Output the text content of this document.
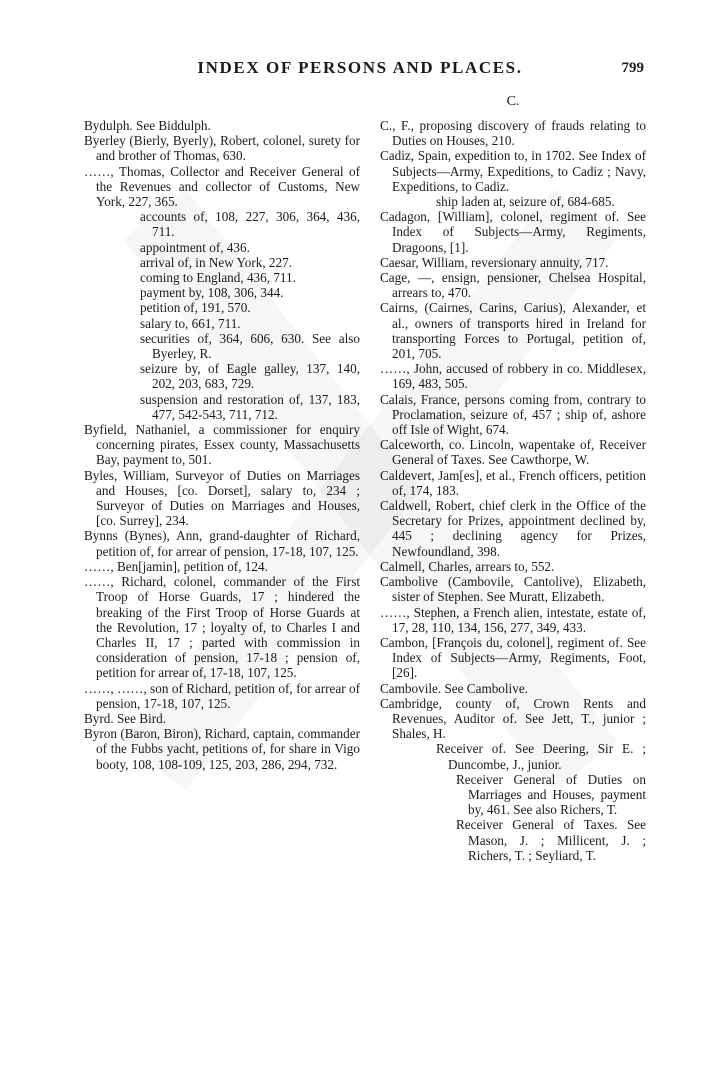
INDEX OF PERSONS AND PLACES.	799

Bydulph. See Biddulph.

Byerley (Bierly, Byerly), Robert, colonel, surety for and brother of Thomas, 630.

……, Thomas, Collector and Receiver General of the Revenues and collector of Customs, New York, 227, 365.

accounts of, 108, 227, 306, 364, 436, 711.

appointment of, 436.

arrival of, in New York, 227.

coming to England, 436, 711.

payment by, 108, 306, 344.

petition of, 191, 570.

salary to, 661, 711.

securities of, 364, 606, 630. See also Byerley, R.

seizure by, of Eagle galley, 137, 140, 202, 203, 683, 729.

suspension and restoration of, 137, 183, 477, 542-543, 711, 712.

Byfield, Nathaniel, a commissioner for enquiry concerning pirates, Essex county, Massachusetts Bay, payment to, 501.

Byles, William, Surveyor of Duties on Marriages and Houses, [co. Dorset], salary to, 234 ; Surveyor of Duties on Marriages and Houses, [co. Surrey], 234.

Bynns (Bynes), Ann, grand-daughter of Richard, petition of, for arrear of pension, 17-18, 107, 125.

……, Ben[jamin], petition of, 124.

……, Richard, colonel, commander of the First Troop of Horse Guards, 17 ; hindered the breaking of the First Troop of Horse Guards at the Revolution, 17 ; loyalty of, to Charles I and Charles II, 17 ; parted with commission in consideration of pension, 17-18 ; pension of, petition for arrear of, 17-18, 107, 125.

……, ……, son of Richard, petition of, for arrear of pension, 17-18, 107, 125.

Byrd. See Bird.

Byron (Baron, Biron), Richard, captain, commander of the Fubbs yacht, petitions of, for share in Vigo booty, 108, 108-109, 125, 203, 286, 294, 732.

C.

C., F., proposing discovery of frauds relating to Duties on Houses, 210.

Cadiz, Spain, expedition to, in 1702. See Index of Subjects—Army, Expeditions, to Cadiz ; Navy, Expeditions, to Cadiz.

ship laden at, seizure of, 684-685.

Cadagon, [William], colonel, regiment of. See Index of Subjects—Army, Regiments, Dragoons, [1].

Caesar, William, reversionary annuity, 717.

Cage, —, ensign, pensioner, Chelsea Hospital, arrears to, 470.

Cairns, (Cairnes, Carins, Carius), Alexander, et al., owners of transports hired in Ireland for transporting Forces to Portugal, petition of, 201, 705.

……, John, accused of robbery in co. Middlesex, 169, 483, 505.

Calais, France, persons coming from, contrary to Proclamation, seizure of, 457 ; ship of, ashore off Isle of Wight, 674.

Calceworth, co. Lincoln, wapentake of, Receiver General of Taxes. See Cawthorpe, W.

Caldevert, Jam[es], et al., French officers, petition of, 174, 183.

Caldwell, Robert, chief clerk in the Office of the Secretary for Prizes, appointment declined by, 445 ; declining agency for Prizes, Newfoundland, 398.

Calmell, Charles, arrears to, 552.

Cambolive (Cambovile, Cantolive), Elizabeth, sister of Stephen. See Muratt, Elizabeth.

……, Stephen, a French alien, intestate, estate of, 17, 28, 110, 134, 156, 277, 349, 433.

Cambon, [François du, colonel], regiment of. See Index of Subjects—Army, Regiments, Foot, [26].

Cambovile. See Cambolive.

Cambridge, county of, Crown Rents and Revenues, Auditor of. See Jett, T., junior ; Shales, H.

Receiver of. See Deering, Sir E. ; Duncombe, J., junior.

Receiver General of Duties on Marriages and Houses, payment by, 461. See also Richers, T.

Receiver General of Taxes. See Mason, J. ; Millicent, J. ; Richers, T. ; Seyliard, T.
